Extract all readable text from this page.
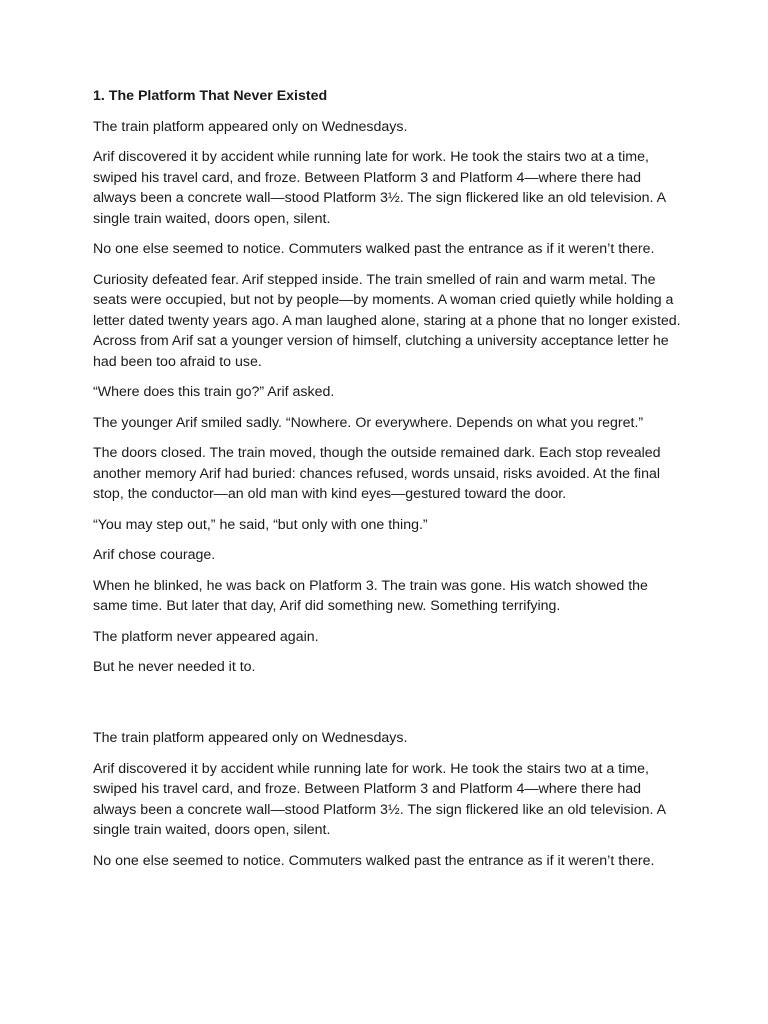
1. The Platform That Never Existed

The train platform appeared only on Wednesdays.

Arif discovered it by accident while running late for work. He took the stairs two at a time, swiped his travel card, and froze. Between Platform 3 and Platform 4—where there had always been a concrete wall—stood Platform 3½. The sign flickered like an old television. A single train waited, doors open, silent.

No one else seemed to notice. Commuters walked past the entrance as if it weren’t there.

Curiosity defeated fear. Arif stepped inside. The train smelled of rain and warm metal. The seats were occupied, but not by people—by moments. A woman cried quietly while holding a letter dated twenty years ago. A man laughed alone, staring at a phone that no longer existed. Across from Arif sat a younger version of himself, clutching a university acceptance letter he had been too afraid to use.

“Where does this train go?” Arif asked.

The younger Arif smiled sadly. “Nowhere. Or everywhere. Depends on what you regret.”

The doors closed. The train moved, though the outside remained dark. Each stop revealed another memory Arif had buried: chances refused, words unsaid, risks avoided. At the final stop, the conductor—an old man with kind eyes—gestured toward the door.

“You may step out,” he said, “but only with one thing.”

Arif chose courage.

When he blinked, he was back on Platform 3. The train was gone. His watch showed the same time. But later that day, Arif did something new. Something terrifying.

The platform never appeared again.

But he never needed it to.

The train platform appeared only on Wednesdays.

Arif discovered it by accident while running late for work. He took the stairs two at a time, swiped his travel card, and froze. Between Platform 3 and Platform 4—where there had always been a concrete wall—stood Platform 3½. The sign flickered like an old television. A single train waited, doors open, silent.

No one else seemed to notice. Commuters walked past the entrance as if it weren’t there.
